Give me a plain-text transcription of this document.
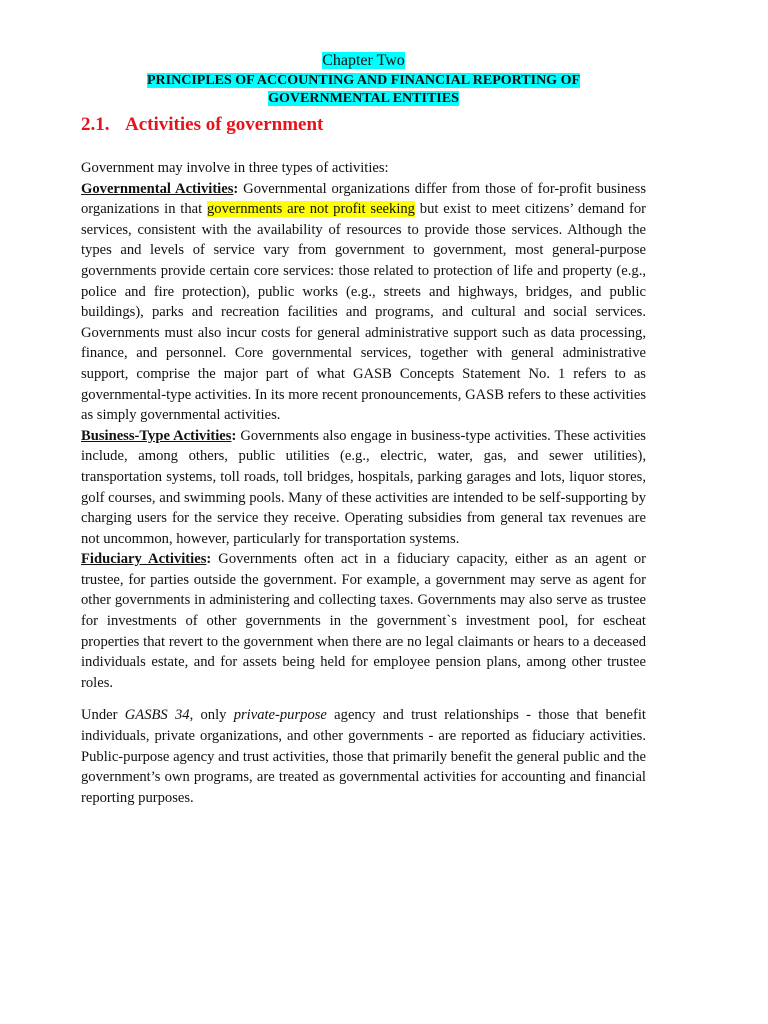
Chapter Two

PRINCIPLES OF ACCOUNTING AND FINANCIAL REPORTING OF
GOVERNMENTAL ENTITIES

2.1. Activities of government

Government may involve in three types of activities:

Governmental Activities: Governmental organizations differ from those of for-profit business organizations in that governments are not profit seeking but exist to meet citizens’ demand for services, consistent with the availability of resources to provide those services. Although the types and levels of service vary from government to government, most general-purpose governments provide certain core services: those related to protection of life and property (e.g., police and fire protection), public works (e.g., streets and highways, bridges, and public buildings), parks and recreation facilities and programs, and cultural and social services. Governments must also incur costs for general administrative support such as data processing, finance, and personnel. Core governmental services, together with general administrative support, comprise the major part of what GASB Concepts Statement No. 1 refers to as governmental-type activities. In its more recent pronouncements, GASB refers to these activities as simply governmental activities.

Business-Type Activities: Governments also engage in business-type activities. These activities include, among others, public utilities (e.g., electric, water, gas, and sewer utilities), transportation systems, toll roads, toll bridges, hospitals, parking garages and lots, liquor stores, golf courses, and swimming pools. Many of these activities are intended to be self-supporting by charging users for the service they receive. Operating subsidies from general tax revenues are not uncommon, however, particularly for transportation systems.

Fiduciary Activities: Governments often act in a fiduciary capacity, either as an agent or trustee, for parties outside the government. For example, a government may serve as agent for other governments in administering and collecting taxes. Governments may also serve as trustee for investments of other governments in the government`s investment pool, for escheat properties that revert to the government when there are no legal claimants or hears to a deceased individuals estate, and for assets being held for employee pension plans, among other trustee roles.

Under GASBS 34, only private-purpose agency and trust relationships - those that benefit individuals, private organizations, and other governments - are reported as fiduciary activities. Public-purpose agency and trust activities, those that primarily benefit the general public and the government’s own programs, are treated as governmental activities for accounting and financial reporting purposes.
